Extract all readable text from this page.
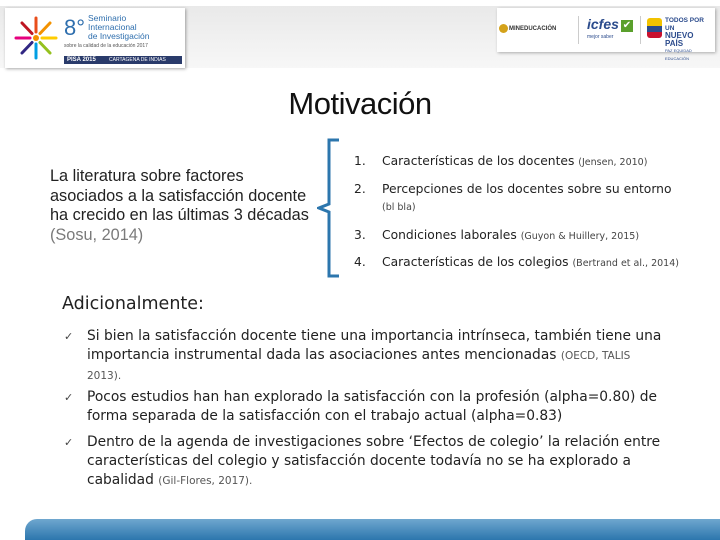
8° Seminario
Internacional
de Investigación
sobre la calidad de la educación 2017
PISA 2015	CARTAGENA DE INDIAS
MINEDUCACIÓN icfes ✔
mejor saber
TODOS POR UN
NUEVO PAÍS
PAZ EQUIDAD EDUCACIÓN
Motivación
La literatura sobre factores asociados a la satisfacción docente ha crecido en las últimas 3 décadas (Sosu, 2014)
1. Características de los docentes (Jensen, 2010)
2. Percepciones de los docentes sobre su entorno (bl bla)
3. Condiciones laborales (Guyon & Huillery, 2015)
4. Características de los colegios (Bertrand et al., 2014)
Adicionalmente:
✓ Si bien la satisfacción docente tiene una importancia intrínseca, también tiene una importancia instrumental dada las asociaciones antes mencionadas (OECD, TALIS 2013).
✓ Pocos estudios han han explorado la satisfacción con la profesión (alpha=0.80) de forma separada de la satisfacción con el trabajo actual (alpha=0.83)
✓ Dentro de la agenda de investigaciones sobre ‘Efectos de colegio’ la relación entre características del colegio y satisfacción docente todavía no se ha explorado a cabalidad (Gil-Flores, 2017).
